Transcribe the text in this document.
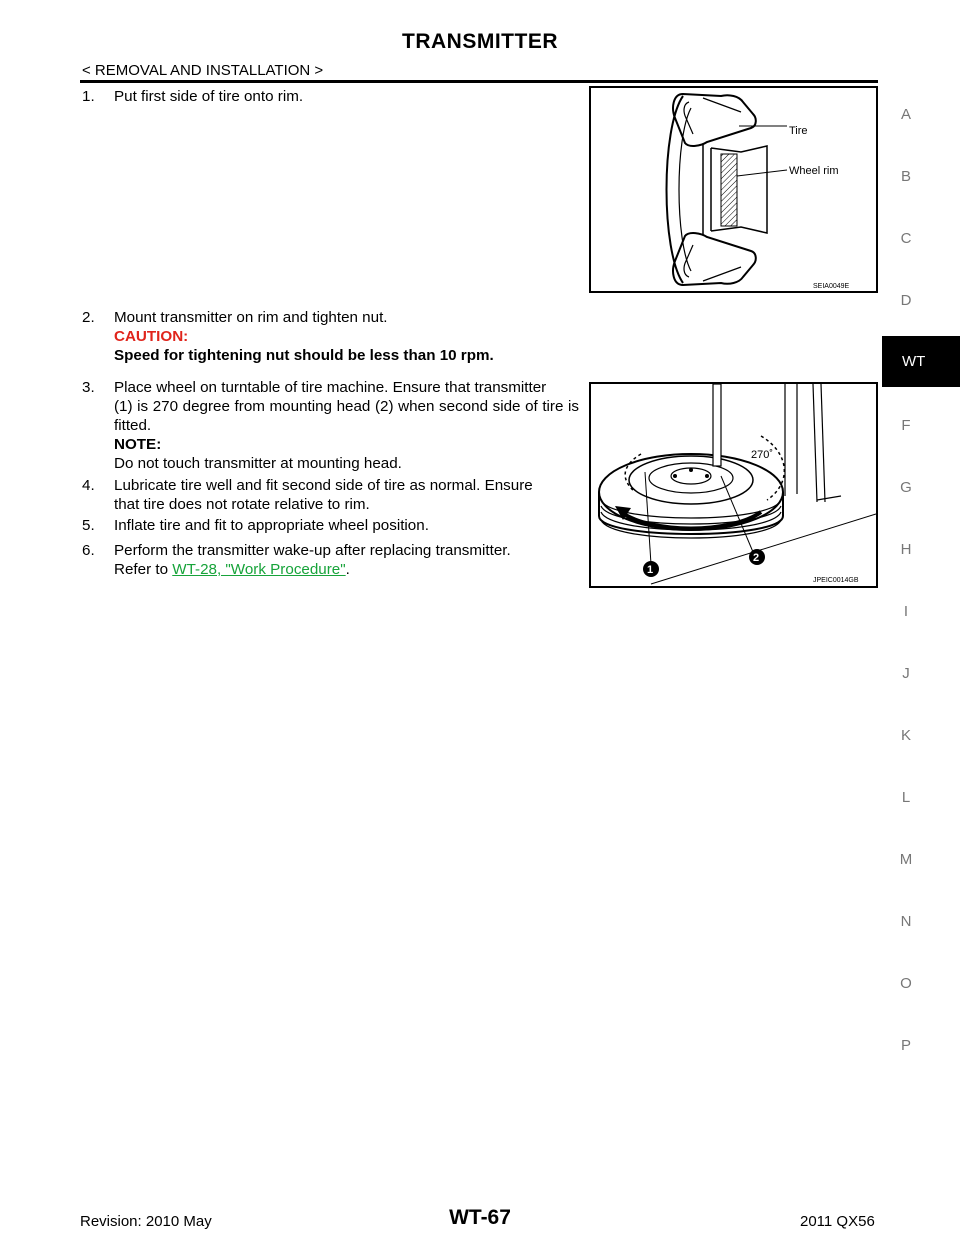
TRANSMITTER
< REMOVAL AND INSTALLATION >
A
B
C
D
WT
F
G
H
I
J
K
L
M
N
O
P
1. Put first side of tire onto rim.
2. Mount transmitter on rim and tighten nut.
CAUTION:
Speed for tightening nut should be less than 10 rpm.
3. Place wheel on turntable of tire machine. Ensure that transmitter
(1) is 270 degree from mounting head (2) when second side of tire is fitted.
NOTE:
Do not touch transmitter at mounting head.
4. Lubricate tire well and fit second side of tire as normal. Ensure
that tire does not rotate relative to rim.
5. Inflate tire and fit to appropriate wheel position.
6. Perform the transmitter wake-up after replacing transmitter.
Refer to WT-28, "Work Procedure".
Tire
Wheel rim
SEIA0049E
270˚
1
2
JPEIC0014GB
Revision: 2010 May	WT-67	2011 QX56
